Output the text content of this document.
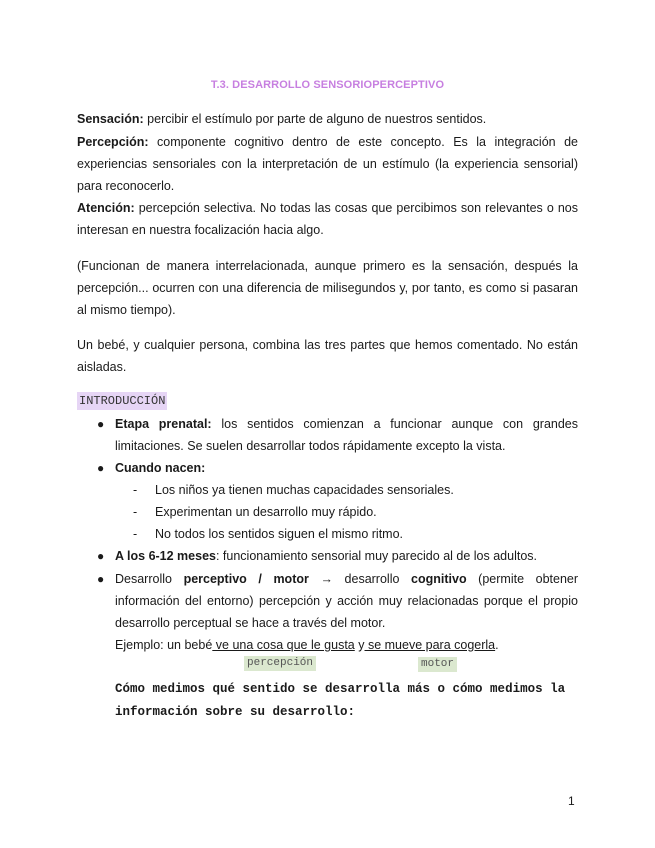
T.3. DESARROLLO SENSORIOPERCEPTIVO

Sensación: percibir el estímulo por parte de alguno de nuestros sentidos.

Percepción: componente cognitivo dentro de este concepto. Es la integración de experiencias sensoriales con la interpretación de un estímulo (la experiencia sensorial) para reconocerlo.

Atención: percepción selectiva. No todas las cosas que percibimos son relevantes o nos interesan en nuestra focalización hacia algo.

(Funcionan de manera interrelacionada, aunque primero es la sensación, después la percepción... ocurren con una diferencia de milisegundos y, por tanto, es como si pasaran al mismo tiempo).

Un bebé, y cualquier persona, combina las tres partes que hemos comentado. No están aisladas.

INTRODUCCIÓN
● Etapa prenatal: los sentidos comienzan a funcionar aunque con grandes limitaciones. Se suelen desarrollar todos rápidamente excepto la vista.

● Cuando nacen:

- Los niños ya tienen muchas capacidades sensoriales.
- Experimentan un desarrollo muy rápido.
- No todos los sentidos siguen el mismo ritmo.
● A los 6-12 meses: funcionamiento sensorial muy parecido al de los adultos.

● Desarrollo perceptivo / motor → desarrollo cognitivo (permite obtener información del entorno) percepción y acción muy relacionadas porque el propio desarrollo perceptual se hace a través del motor.

Ejemplo: un bebé ve una cosa que le gusta y se mueve para cogerla.

percepción	motor
Cómo medimos qué sentido se desarrolla más o cómo medimos la información sobre su desarrollo:
1
